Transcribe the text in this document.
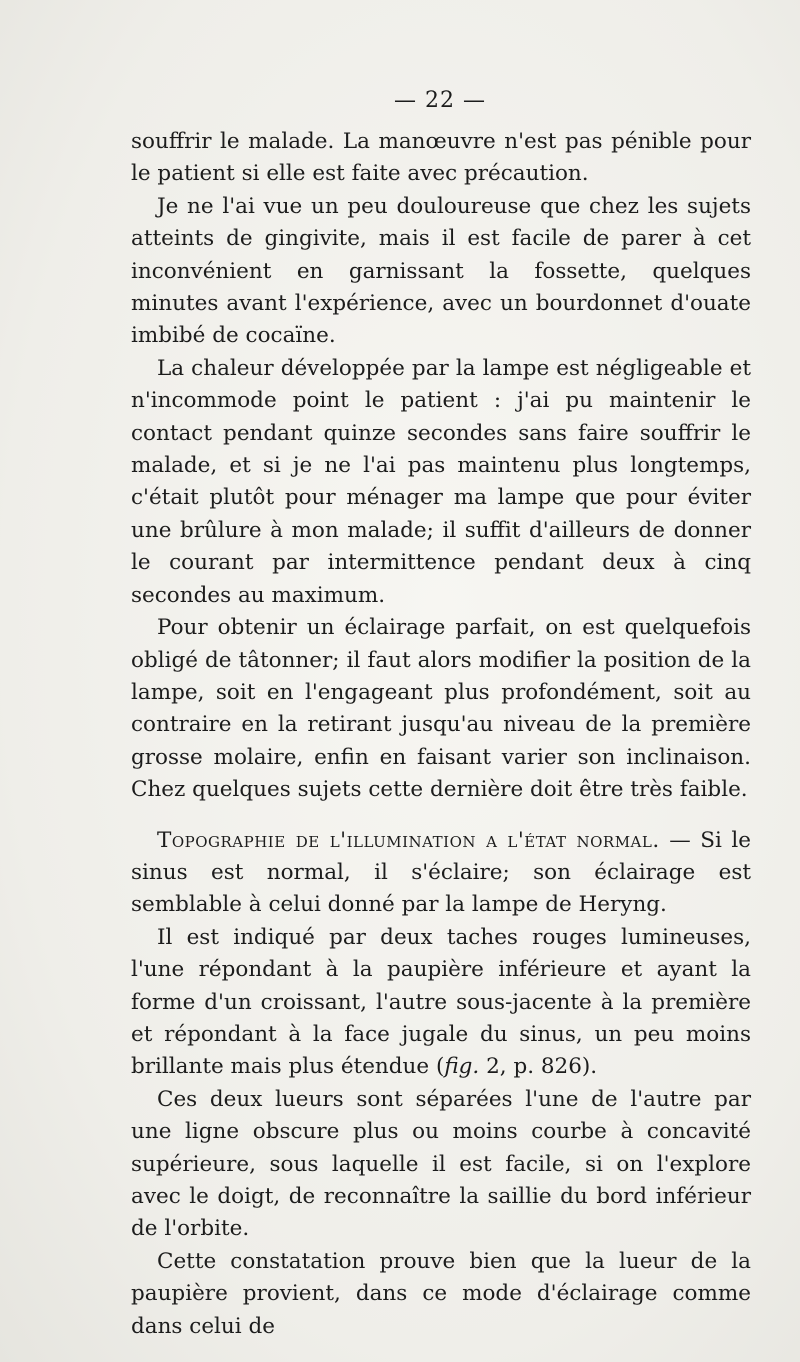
— 22 —

souffrir le malade. La manœuvre n'est pas pénible pour le patient si elle est faite avec précaution.

Je ne l'ai vue un peu douloureuse que chez les sujets atteints de gingivite, mais il est facile de parer à cet inconvénient en garnissant la fossette, quelques minutes avant l'expérience, avec un bourdonnet d'ouate imbibé de cocaïne.

La chaleur développée par la lampe est négligeable et n'incommode point le patient : j'ai pu maintenir le contact pendant quinze secondes sans faire souffrir le malade, et si je ne l'ai pas maintenu plus longtemps, c'était plutôt pour ménager ma lampe que pour éviter une brûlure à mon malade; il suffit d'ailleurs de donner le courant par intermittence pendant deux à cinq secondes au maximum.

Pour obtenir un éclairage parfait, on est quelquefois obligé de tâtonner; il faut alors modifier la position de la lampe, soit en l'engageant plus profondément, soit au contraire en la retirant jusqu'au niveau de la première grosse molaire, enfin en faisant varier son inclinaison. Chez quelques sujets cette dernière doit être très faible.

Topographie de l'illumination a l'état normal. — Si le sinus est normal, il s'éclaire; son éclairage est semblable à celui donné par la lampe de Heryng.

Il est indiqué par deux taches rouges lumineuses, l'une répondant à la paupière inférieure et ayant la forme d'un croissant, l'autre sous-jacente à la première et répondant à la face jugale du sinus, un peu moins brillante mais plus étendue (fig. 2, p. 826).

Ces deux lueurs sont séparées l'une de l'autre par une ligne obscure plus ou moins courbe à concavité supérieure, sous laquelle il est facile, si on l'explore avec le doigt, de reconnaître la saillie du bord inférieur de l'orbite.

Cette constatation prouve bien que la lueur de la paupière provient, dans ce mode d'éclairage comme dans celui de
